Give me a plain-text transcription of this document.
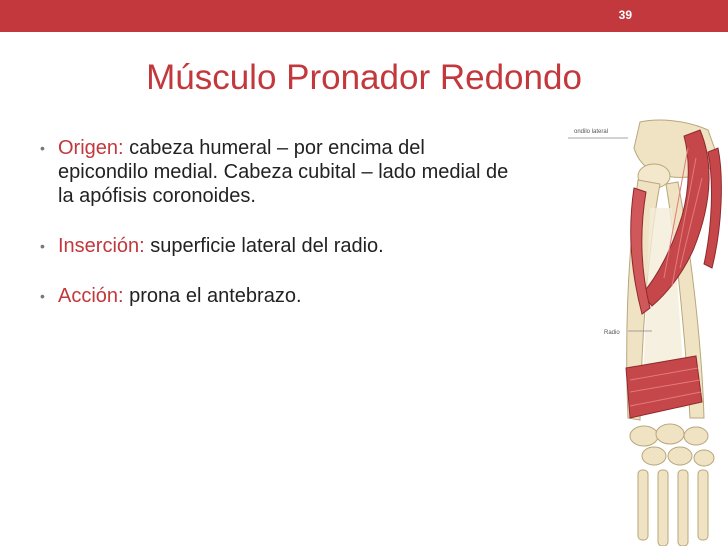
39
Músculo Pronador Redondo
• Origen: cabeza humeral – por encima del epicondilo medial. Cabeza cubital – lado medial de la apófisis coronoides.
• Inserción: superficie lateral del radio.
• Acción: prona el antebrazo.
ondilo lateral
Radio
